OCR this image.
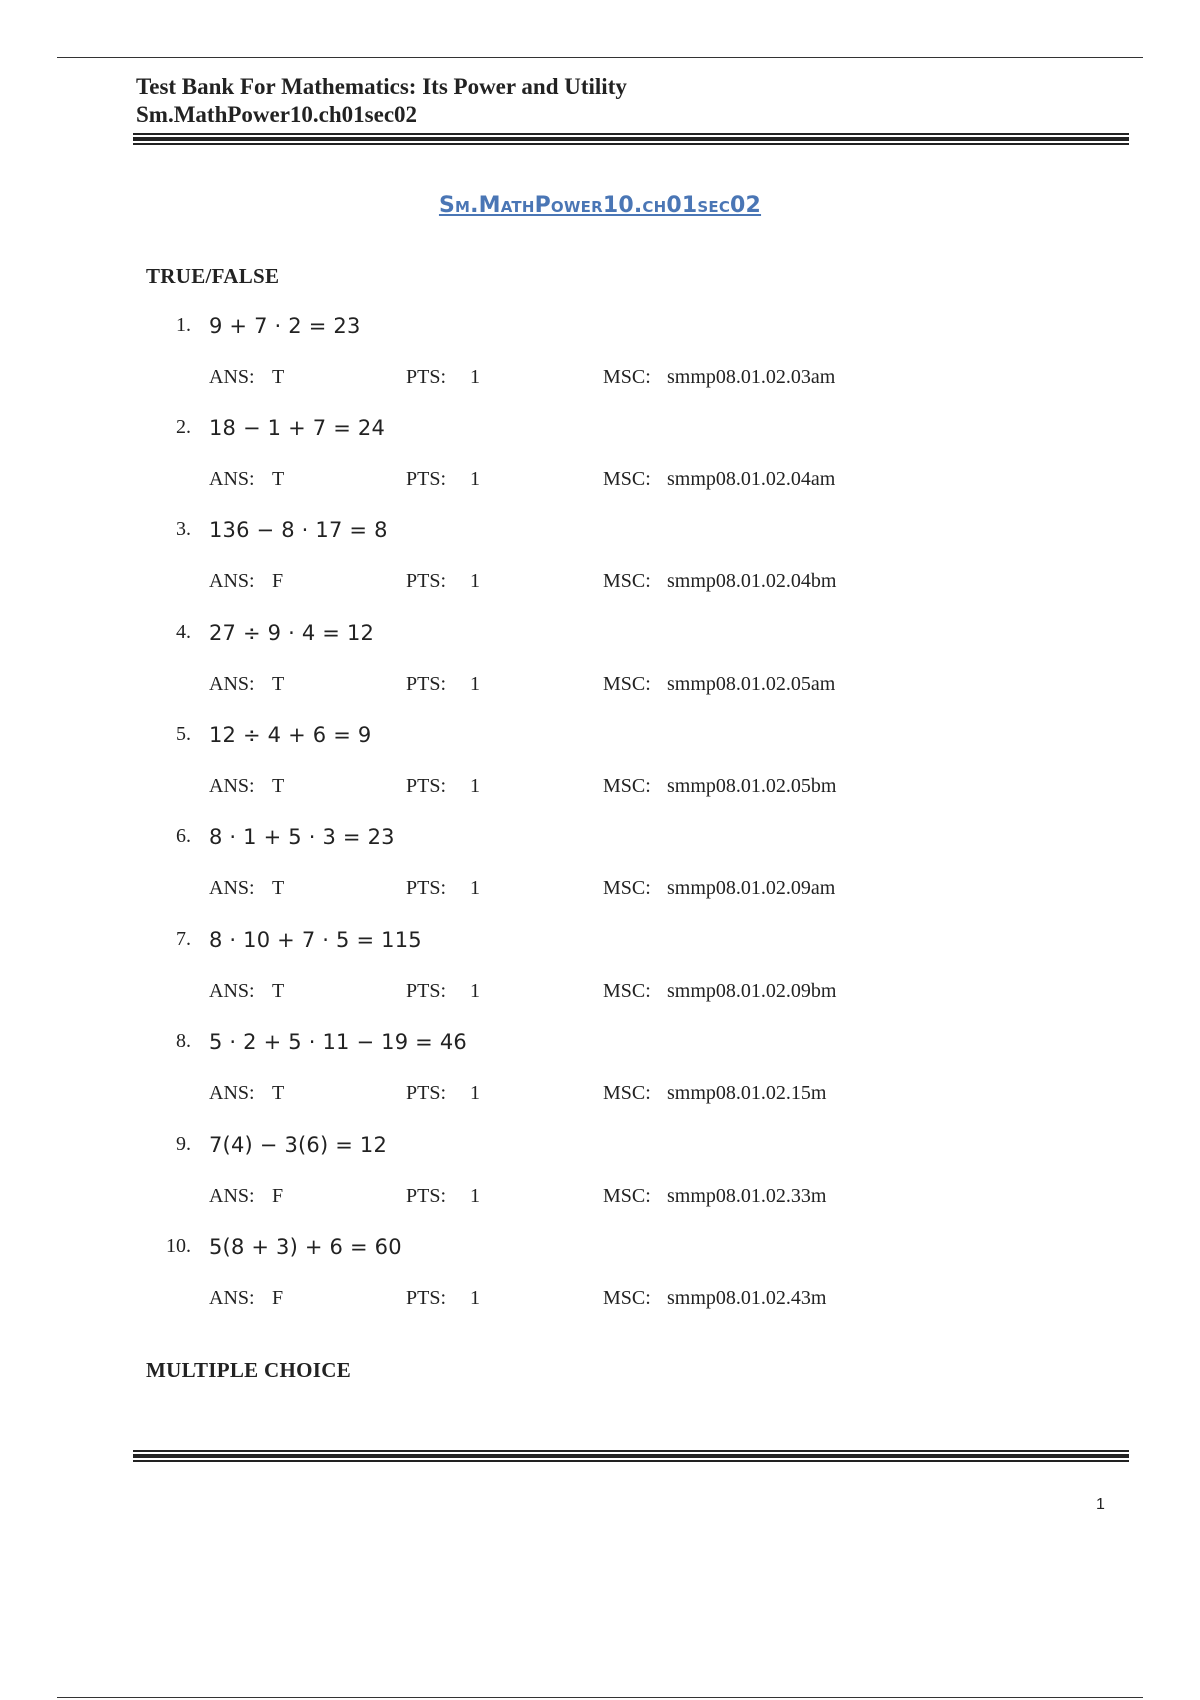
Test Bank For Mathematics: Its Power and Utility
Sm.MathPower10.ch01sec02
Sm.MathPower10.ch01sec02
TRUE/FALSE
1. 9 + 7 · 2 = 23
ANS: T	PTS: 1	MSC: smmp08.01.02.03am
2. 18 − 1 + 7 = 24
ANS: T	PTS: 1	MSC: smmp08.01.02.04am
3. 136 − 8 · 17 = 8
ANS: F	PTS: 1	MSC: smmp08.01.02.04bm
4. 27 ÷ 9 · 4 = 12
ANS: T	PTS: 1	MSC: smmp08.01.02.05am
5. 12 ÷ 4 + 6 = 9
ANS: T	PTS: 1	MSC: smmp08.01.02.05bm
6. 8 · 1 + 5 · 3 = 23
ANS: T	PTS: 1	MSC: smmp08.01.02.09am
7. 8 · 10 + 7 · 5 = 115
ANS: T	PTS: 1	MSC: smmp08.01.02.09bm
8. 5 · 2 + 5 · 11 − 19 = 46
ANS: T	PTS: 1	MSC: smmp08.01.02.15m
9. 7(4) − 3(6) = 12
ANS: F	PTS: 1	MSC: smmp08.01.02.33m
10. 5(8 + 3) + 6 = 60
ANS: F	PTS: 1	MSC: smmp08.01.02.43m
MULTIPLE CHOICE
1
